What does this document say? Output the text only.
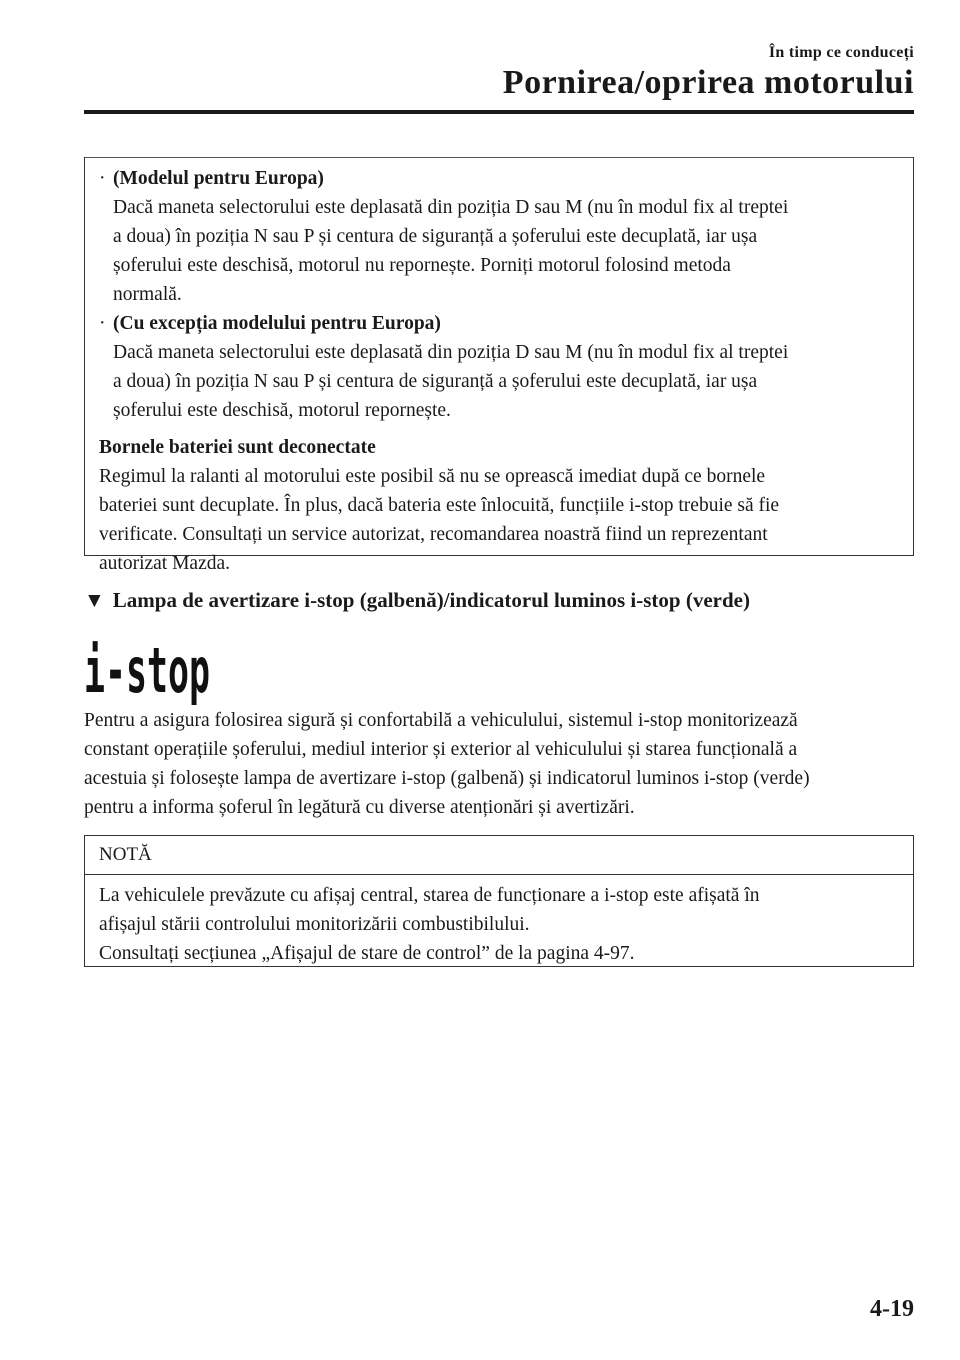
În timp ce conduceți
Pornirea/oprirea motorului
· (Modelul pentru Europa)
Dacă maneta selectorului este deplasată din poziția D sau M (nu în modul fix al treptei
a doua) în poziția N sau P și centura de siguranță a șoferului este decuplată, iar ușa
șoferului este deschisă, motorul nu repornește. Porniți motorul folosind metoda
normală.
· (Cu excepția modelului pentru Europa)
Dacă maneta selectorului este deplasată din poziția D sau M (nu în modul fix al treptei
a doua) în poziția N sau P și centura de siguranță a șoferului este decuplată, iar ușa
șoferului este deschisă, motorul repornește.
Bornele bateriei sunt deconectate
Regimul la ralanti al motorului este posibil să nu se oprească imediat după ce bornele
bateriei sunt decuplate. În plus, dacă bateria este înlocuită, funcțiile i-stop trebuie să fie
verificate. Consultați un service autorizat, recomandarea noastră fiind un reprezentant
autorizat Mazda.
▼ Lampa de avertizare i-stop (galbenă)/indicatorul luminos i-stop (verde)
i-stop
Pentru a asigura folosirea sigură și confortabilă a vehiculului, sistemul i-stop monitorizează
constant operațiile șoferului, mediul interior și exterior al vehiculului și starea funcțională a
acestuia și folosește lampa de avertizare i-stop (galbenă) și indicatorul luminos i-stop (verde)
pentru a informa șoferul în legătură cu diverse atenționări și avertizări.
NOTĂ
La vehiculele prevăzute cu afișaj central, starea de funcționare a i-stop este afișată în
afișajul stării controlului monitorizării combustibilului.
Consultați secțiunea „Afișajul de stare de control” de la pagina 4-97.
4-19
